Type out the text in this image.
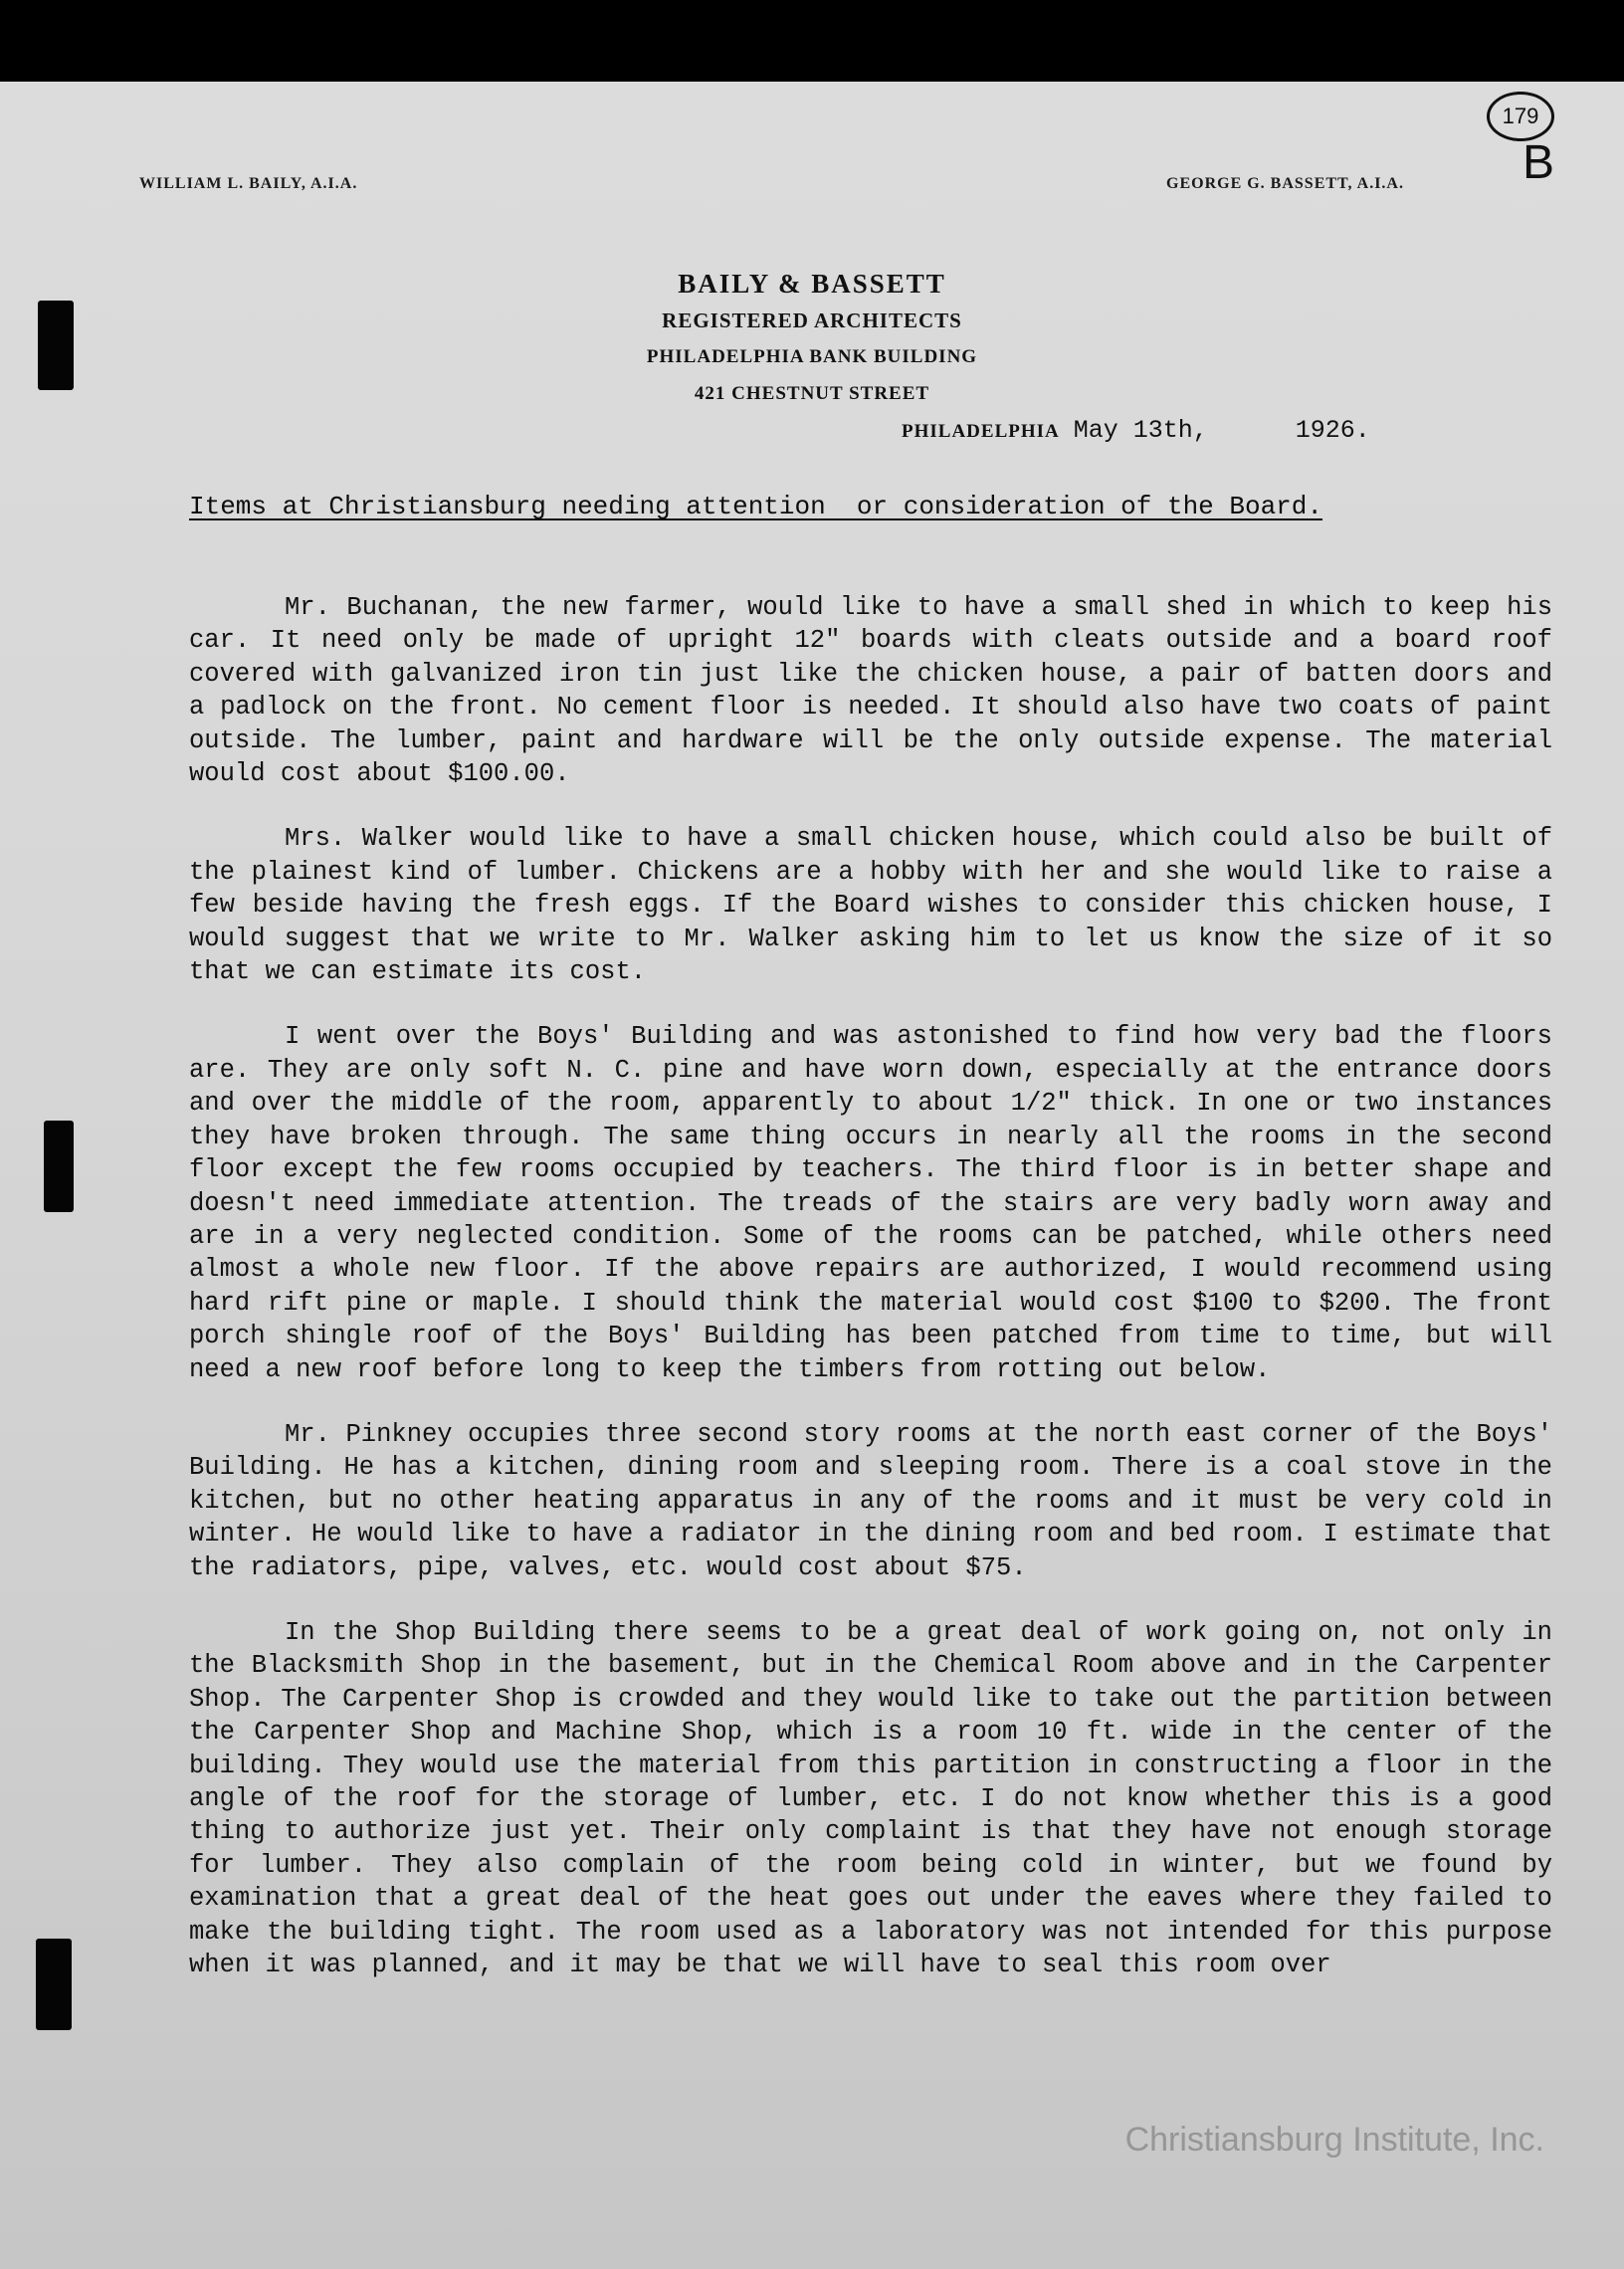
WILLIAM L. BAILY, A.I.A.	GEORGE G. BASSETT, A.I.A.
179
B
BAILY & BASSETT
REGISTERED ARCHITECTS
PHILADELPHIA BANK BUILDING
421 CHESTNUT STREET
PHILADELPHIA May 13th,	1926.
Items at Christiansburg needing attention  or consideration of the Board.

Mr. Buchanan, the new farmer, would like to have a small shed in which to keep his car. It need only be made of upright 12" boards with cleats outside and a board roof covered with galvanized iron tin just like the chicken house, a pair of batten doors and a padlock on the front. No cement floor is needed. It should also have two coats of paint outside. The lumber, paint and hardware will be the only outside expense. The material would cost about $100.00.

Mrs. Walker would like to have a small chicken house, which could also be built of the plainest kind of lumber. Chickens are a hobby with her and she would like to raise a few beside having the fresh eggs. If the Board wishes to consider this chicken house, I would suggest that we write to Mr. Walker asking him to let us know the size of it so that we can estimate its cost.

I went over the Boys' Building and was astonished to find how very bad the floors are. They are only soft N. C. pine and have worn down, especially at the entrance doors and over the middle of the room, apparently to about 1/2" thick. In one or two instances they have broken through. The same thing occurs in nearly all the rooms in the second floor except the few rooms occupied by teachers. The third floor is in better shape and doesn't need immediate attention. The treads of the stairs are very badly worn away and are in a very neglected condition. Some of the rooms can be patched, while others need almost a whole new floor. If the above repairs are authorized, I would recommend using hard rift pine or maple. I should think the material would cost $100 to $200. The front porch shingle roof of the Boys' Building has been patched from time to time, but will need a new roof before long to keep the timbers from rotting out below.

Mr. Pinkney occupies three second story rooms at the north east corner of the Boys' Building. He has a kitchen, dining room and sleeping room. There is a coal stove in the kitchen, but no other heating apparatus in any of the rooms and it must be very cold in winter. He would like to have a radiator in the dining room and bed room. I estimate that the radiators, pipe, valves, etc. would cost about $75.

In the Shop Building there seems to be a great deal of work going on, not only in the Blacksmith Shop in the basement, but in the Chemical Room above and in the Carpenter Shop. The Carpenter Shop is crowded and they would like to take out the partition between the Carpenter Shop and Machine Shop, which is a room 10 ft. wide in the center of the building. They would use the material from this partition in constructing a floor in the angle of the roof for the storage of lumber, etc. I do not know whether this is a good thing to authorize just yet. Their only complaint is that they have not enough storage for lumber. They also complain of the room being cold in winter, but we found by examination that a great deal of the heat goes out under the eaves where they failed to make the building tight. The room used as a laboratory was not intended for this purpose when it was planned, and it may be that we will have to seal this room over

Christiansburg Institute, Inc.
